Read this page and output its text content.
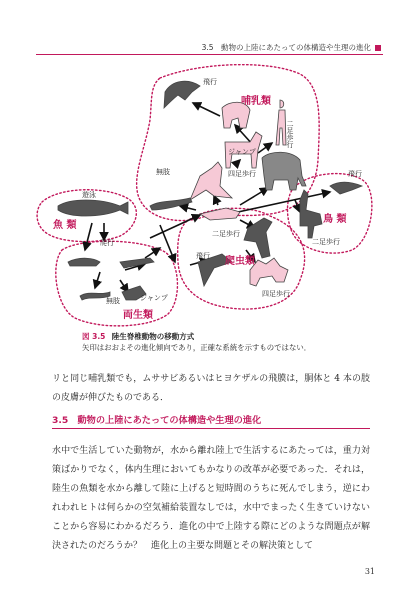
3.5　動物の上陸にあたっての体構造や生理の進化
哺乳類
魚 類
両生類
爬虫類
鳥 類
飛行
二足歩行
ジャンプ
四足歩行
無肢	飛行
二足歩行
二足歩行
遊泳
爬行
無肢	ジャンプ
飛行
四足歩行
図 3.5 陸生脊椎動物の移動方式
矢印はおおよその進化傾向であり，正確な系統を示すものではない．
リと同じ哺乳類でも，ムササビあるいはヒヨケザルの飛膜は，胴体と 4 本の肢の皮膚が伸びたものである．
3.5　動物の上陸にあたっての体構造や生理の進化
水中で生活していた動物が，水から離れ陸上で生活するにあたっては，重力対策ばかりでなく，体内生理においてもかなりの改革が必要であった．それは，陸生の魚類を水から離して陸に上げると短時間のうちに死んでしまう，逆にわれわれヒトは何らかの空気補給装置なしでは，水中でまったく生きていけないことから容易にわかるだろう．進化の中で上陸する際にどのような問題点が解決されたのだろうか？　進化上の主要な問題とその解決策として
31
